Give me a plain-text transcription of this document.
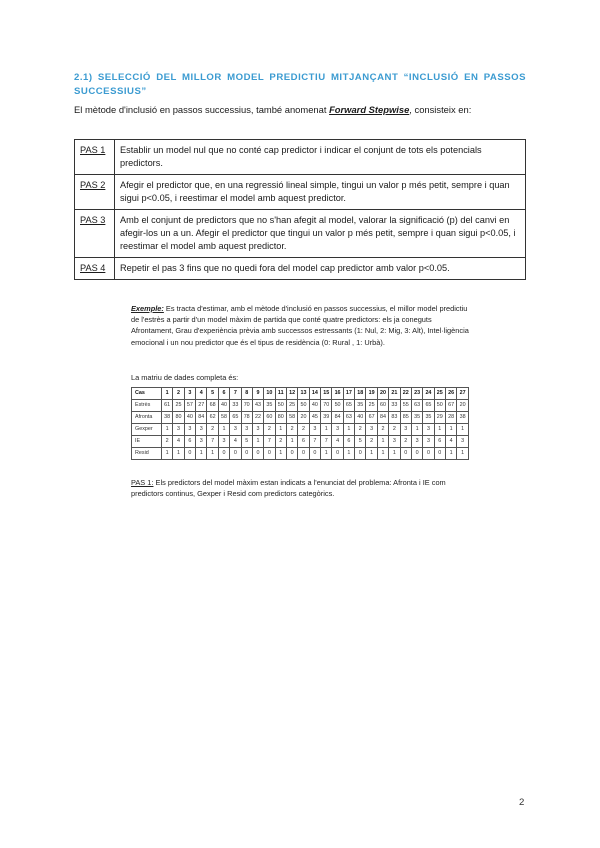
2.1) SELECCIÓ DEL MILLOR MODEL PREDICTIU MITJANÇANT “INCLUSIÓ EN PASSOS SUCCESSIUS”
El mètode d'inclusió en passos successius, també anomenat Forward Stepwise, consisteix en:
PAS 1	Establir un model nul que no conté cap predictor i indicar el conjunt de tots els potencials predictors.
PAS 2	Afegir el predictor que, en una regressió lineal simple, tingui un valor p més petit, sempre i quan sigui p<0.05, i reestimar el model amb aquest predictor.
PAS 3	Amb el conjunt de predictors que no s'han afegit al model, valorar la significació (p) del canvi en afegir-los un a un. Afegir el predictor que tingui un valor p més petit, sempre i quan sigui p<0.05, i reestimar el model amb aquest predictor.
PAS 4	Repetir el pas 3 fins que no quedi fora del model cap predictor amb valor p<0.05.
Exemple: Es tracta d'estimar, amb el mètode d'inclusió en passos successius, el millor model predictiu de l'estrès a partir d'un model màxim de partida que conté quatre predictors: els ja coneguts Afrontament, Grau d'experiència prèvia amb successos estressants (1: Nul, 2: Mig, 3: Alt), Intel·ligència emocional i un nou predictor que és el tipus de residència (0: Rural , 1: Urbà).
La matriu de dades completa és:
Cas	1	2	3	4	5	6	7	8	9	10	11	12	13	14	15	16	17	18	19	20	21	22	23	24	25	26	27
Estrès	61	25	57	27	68	40	33	70	43	35	50	25	50	40	70	50	65	35	25	60	33	55	63	65	50	67	20
Afronta	38	80	40	84	62	58	65	78	22	60	80	58	20	45	39	84	63	40	67	84	83	85	35	35	29	28	38
Gexper	1	3	3	3	2	1	3	3	3	2	1	2	2	3	1	3	1	2	3	2	2	3	1	3	1	1	1
IE	2	4	6	3	7	3	4	5	1	7	2	1	6	7	7	4	6	5	2	1	3	2	3	3	6	4	3
Resid	1	1	0	1	1	0	0	0	0	0	1	0	0	0	1	0	1	0	1	1	1	0	0	0	0	1	1
PAS 1: Els predictors del model màxim estan indicats a l'enunciat del problema: Afronta i IE com predictors continus, Gexper i Resid com predictors categòrics.
2
